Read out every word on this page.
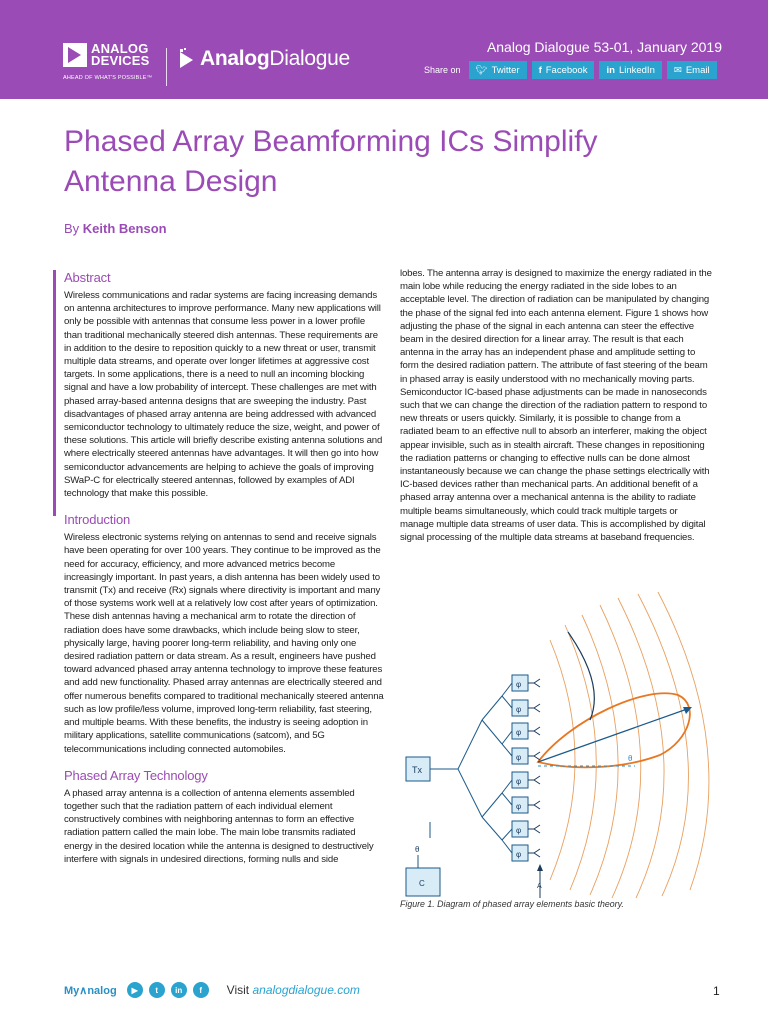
ANALOG
DEVICES
AHEAD OF WHAT'S POSSIBLE™
AnalogDialogue	Analog Dialogue 53-01, January 2019
Share on 🐦︎ Twitter f Facebook in LinkedIn ✉ Email
Phased Array Beamforming ICs Simplify Antenna Design
By Keith Benson
Abstract

Wireless communications and radar systems are facing increasing demands on antenna architectures to improve performance. Many new applications will only be possible with antennas that consume less power in a lower profile than traditional mechanically steered dish antennas. These requirements are in addition to the desire to reposition quickly to a new threat or user, transmit multiple data streams, and operate over longer lifetimes at aggressive cost targets. In some applications, there is a need to null an incoming blocking signal and have a low probability of intercept. These challenges are met with phased array-based antenna designs that are sweeping the industry. Past disadvantages of phased array antenna are being addressed with advanced semiconductor technology to ultimately reduce the size, weight, and power of these solutions. This article will briefly describe existing antenna solutions and where electrically steered antennas have advantages. It will then go into how semiconductor advancements are helping to achieve the goals of improving SWaP-C for electrically steered antennas, followed by examples of ADI technology that make this possible.

Introduction

Wireless electronic systems relying on antennas to send and receive signals have been operating for over 100 years. They continue to be improved as the need for accuracy, efficiency, and more advanced metrics become increasingly important. In past years, a dish antenna has been widely used to transmit (Tx) and receive (Rx) signals where directivity is important and many of those systems work well at a relatively low cost after years of optimization. These dish antennas having a mechanical arm to rotate the direction of radiation does have some drawbacks, which include being slow to steer, physically large, having poorer long-term reliability, and having only one desired radiation pattern or data stream. As a result, engineers have pushed toward advanced phased array antenna technology to improve these features and add new functionality. Phased array antennas are electrically steered and offer numerous benefits compared to traditional mechanically steered antenna such as low profile/less volume, improved long-term reliability, fast steering, and multiple beams. With these benefits, the industry is seeing adoption in military applications, satellite communications (satcom), and 5G telecommunications including connected automobiles.

Phased Array Technology

A phased array antenna is a collection of antenna elements assembled together such that the radiation pattern of each individual element constructively combines with neighboring antennas to form an effective radiation pattern called the main lobe. The main lobe transmits radiated energy in the desired location while the antenna is designed to destructively interfere with signals in undesired directions, forming nulls and side

lobes. The antenna array is designed to maximize the energy radiated in the main lobe while reducing the energy radiated in the side lobes to an acceptable level. The direction of radiation can be manipulated by changing the phase of the signal fed into each antenna element. Figure 1 shows how adjusting the phase of the signal in each antenna can steer the effective beam in the desired direction for a linear array. The result is that each antenna in the array has an independent phase and amplitude setting to form the desired radiation pattern. The attribute of fast steering of the beam in phased array is easily understood with no mechanically moving parts. Semiconductor IC-based phase adjustments can be made in nanoseconds such that we can change the direction of the radiation pattern to respond to new threats or users quickly. Similarly, it is possible to change from a radiated beam to an effective null to absorb an interferer, making the object appear invisible, such as in stealth aircraft. These changes in repositioning the radiation patterns or changing to effective nulls can be done almost instantaneously because we can change the phase settings electrically with IC-based devices rather than mechanical parts. An additional benefit of a phased array antenna over a mechanical antenna is the ability to radiate multiple beams simultaneously, which could track multiple targets or manage multiple data streams of user data. This is accomplished by digital signal processing of the multiple data streams at baseband frequencies.

θ
Tx
C
θ
φ
φ
φ
φ
φ
φ
φ
φ
A
Figure 1. Diagram of phased array elements basic theory.
My∧nalog	▶	t	in	f	Visit analogdialogue.com	1
